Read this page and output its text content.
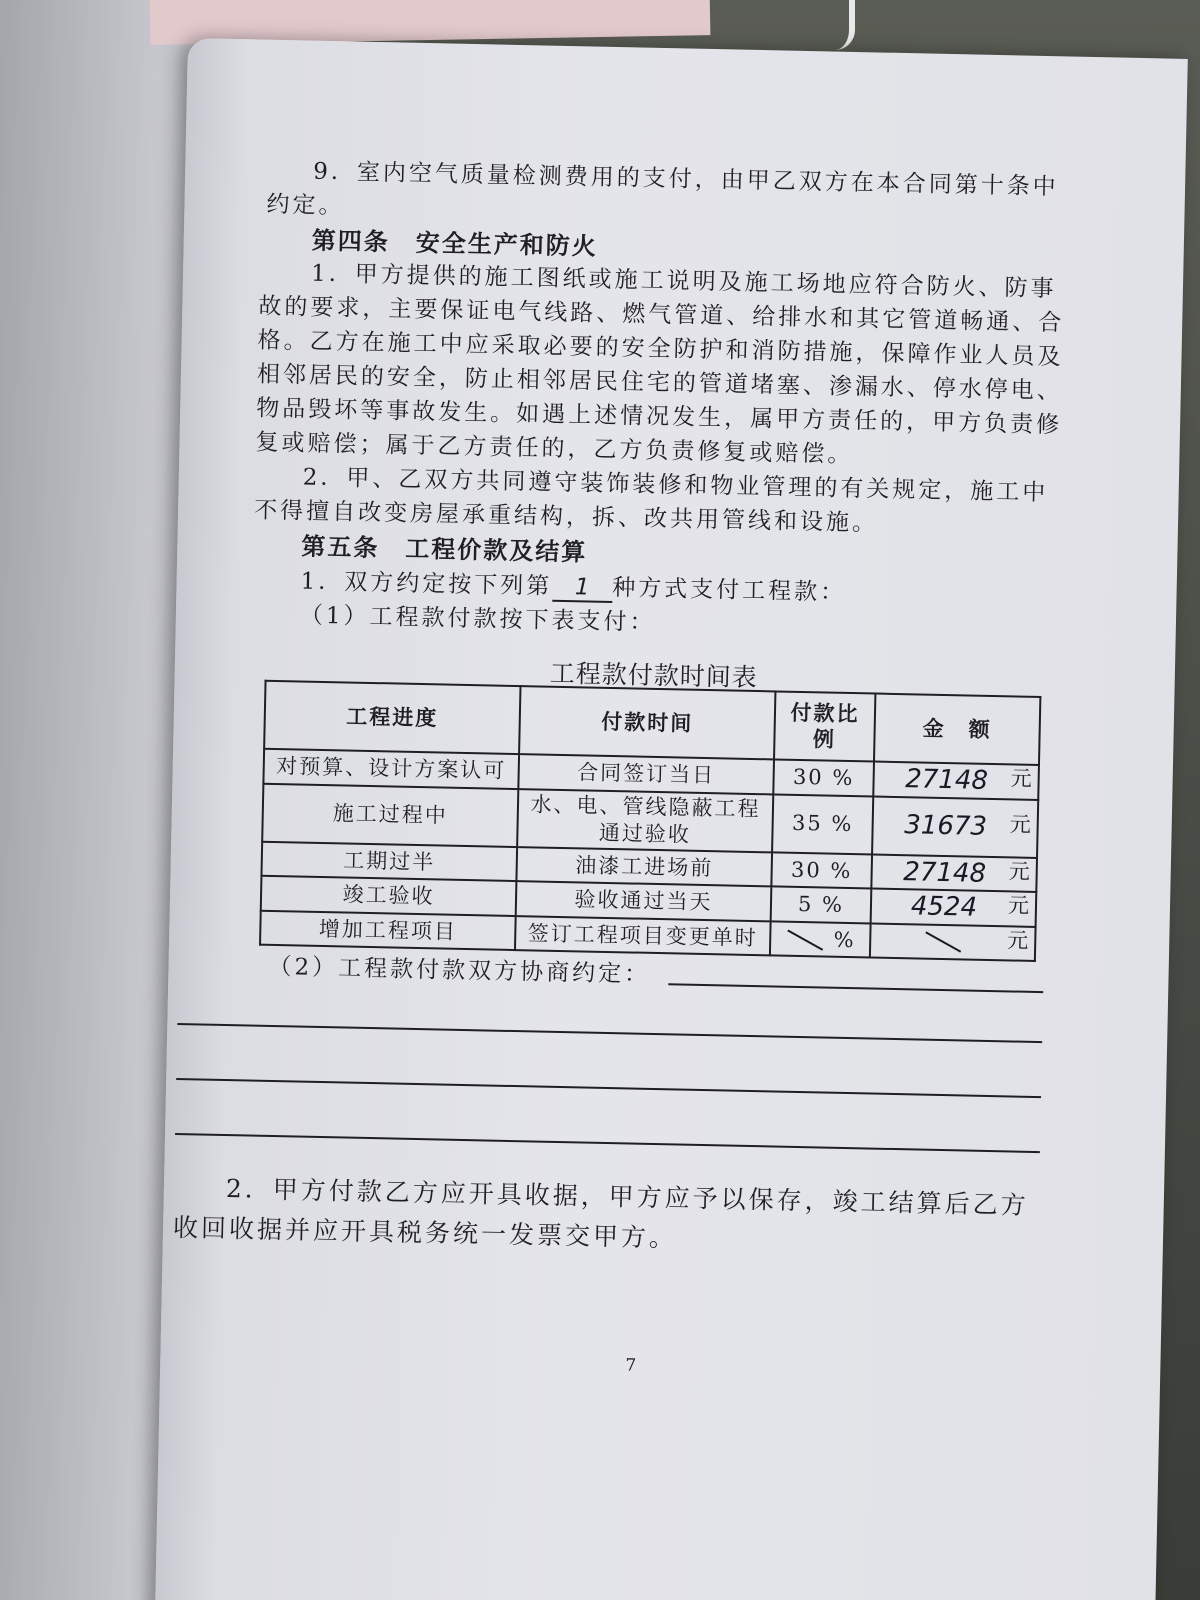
9．室内空气质量检测费用的支付，由甲乙双方在本合同第十条中
约定。
第四条　安全生产和防火
1．甲方提供的施工图纸或施工说明及施工场地应符合防火、防事
故的要求，主要保证电气线路、燃气管道、给排水和其它管道畅通、合
格。乙方在施工中应采取必要的安全防护和消防措施，保障作业人员及
相邻居民的安全，防止相邻居民住宅的管道堵塞、渗漏水、停水停电、
物品毁坏等事故发生。如遇上述情况发生，属甲方责任的，甲方负责修
复或赔偿；属于乙方责任的，乙方负责修复或赔偿。
2．甲、乙双方共同遵守装饰装修和物业管理的有关规定，施工中
不得擅自改变房屋承重结构，拆、改共用管线和设施。
第五条　工程价款及结算
1．双方约定按下列第 1 种方式支付工程款：
（1）工程款付款按下表支付：
工程款付款时间表
工程进度	付款时间	付款比例	金　额
对预算、设计方案认可	合同签订当日	30 %	27148 元

施工过程中	水、电、管线隐蔽工程通过验收	35 %	31673 元

工期过半	油漆工进场前	30 %	27148 元

竣工验收	验收通过当天	5 %	4524 元

增加工程项目	签订工程项目变更单时	%	元
（2）工程款付款双方协商约定：
2．甲方付款乙方应开具收据，甲方应予以保存，竣工结算后乙方
收回收据并应开具税务统一发票交甲方。
7
